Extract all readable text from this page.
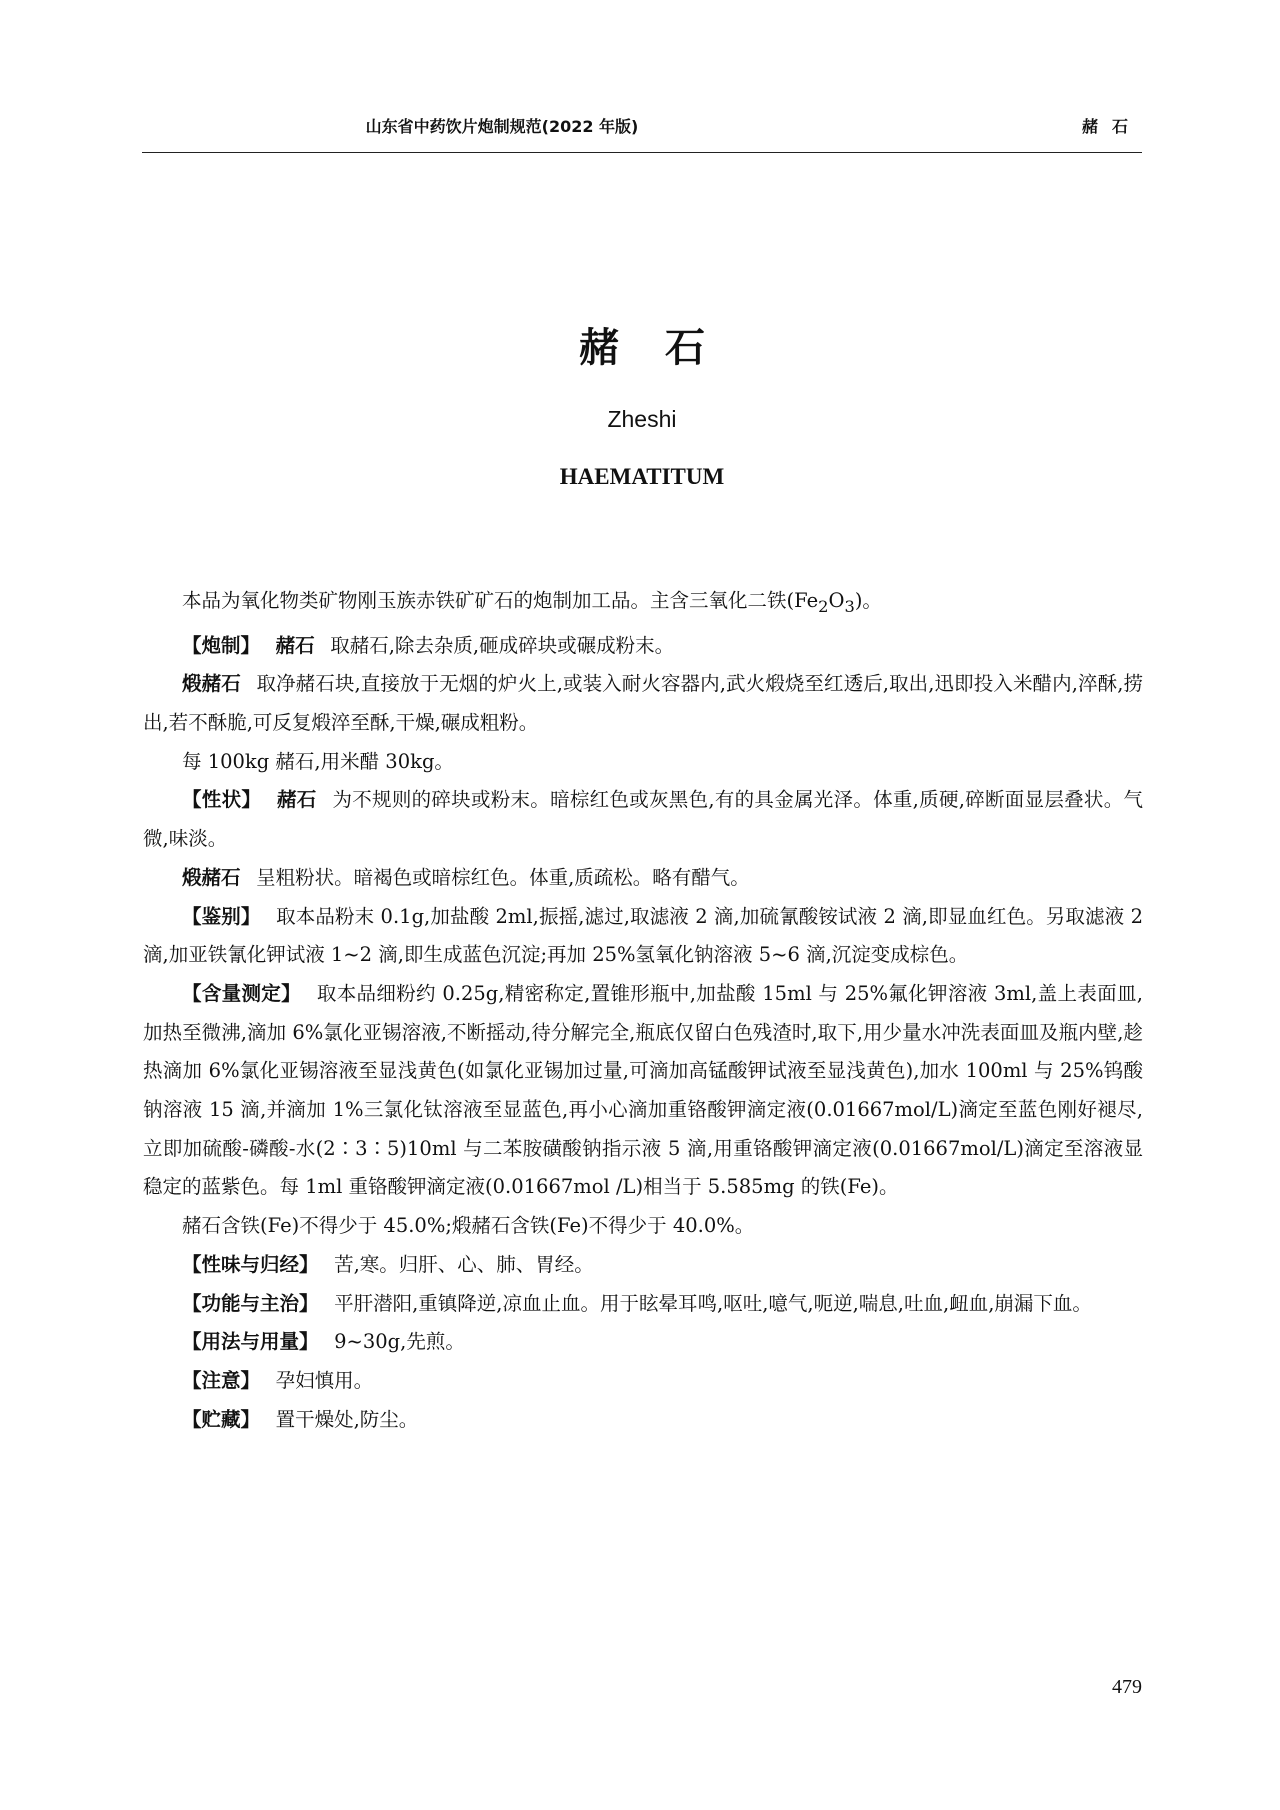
山东省中药饮片炮制规范(2022 年版)	赭石
赭石
Zheshi
HAEMATITUM

本品为氧化物类矿物刚玉族赤铁矿矿石的炮制加工品。主含三氧化二铁$(Fe_2O_3)$。

【炮制】 赭石 取赭石,除去杂质,砸成碎块或碾成粉末。

煅赭石 取净赭石块,直接放于无烟的炉火上,或装入耐火容器内,武火煅烧至红透后,取出,迅即投入米醋内,淬酥,捞出,若不酥脆,可反复煅淬至酥,干燥,碾成粗粉。

每 100kg 赭石,用米醋 30kg。

【性状】 赭石 为不规则的碎块或粉末。暗棕红色或灰黑色,有的具金属光泽。体重,质硬,碎断面显层叠状。气微,味淡。

煅赭石 呈粗粉状。暗褐色或暗棕红色。体重,质疏松。略有醋气。

【鉴别】 取本品粉末 0.1g,加盐酸 2ml,振摇,滤过,取滤液 2 滴,加硫氰酸铵试液 2 滴,即显血红色。另取滤液 2 滴,加亚铁氰化钾试液 1~2 滴,即生成蓝色沉淀;再加 25%氢氧化钠溶液 5~6 滴,沉淀变成棕色。

【含量测定】 取本品细粉约 0.25g,精密称定,置锥形瓶中,加盐酸 15ml 与 25%氟化钾溶液 3ml,盖上表面皿,加热至微沸,滴加 6%氯化亚锡溶液,不断摇动,待分解完全,瓶底仅留白色残渣时,取下,用少量水冲洗表面皿及瓶内壁,趁热滴加 6%氯化亚锡溶液至显浅黄色(如氯化亚锡加过量,可滴加高锰酸钾试液至显浅黄色),加水 100ml 与 25%钨酸钠溶液 15 滴,并滴加 1%三氯化钛溶液至显蓝色,再小心滴加重铬酸钾滴定液(0.01667mol/L)滴定至蓝色刚好褪尽,立即加硫酸-磷酸-水(2∶3∶5)10ml 与二苯胺磺酸钠指示液 5 滴,用重铬酸钾滴定液(0.01667mol/L)滴定至溶液显稳定的蓝紫色。每 1ml 重铬酸钾滴定液(0.01667mol /L)相当于 5.585mg 的铁(Fe)。

赭石含铁(Fe)不得少于 45.0%;煅赭石含铁(Fe)不得少于 40.0%。

【性味与归经】 苦,寒。归肝、心、肺、胃经。

【功能与主治】 平肝潜阳,重镇降逆,凉血止血。用于眩晕耳鸣,呕吐,噫气,呃逆,喘息,吐血,衄血,崩漏下血。

【用法与用量】 9~30g,先煎。

【注意】 孕妇慎用。

【贮藏】 置干燥处,防尘。

479
